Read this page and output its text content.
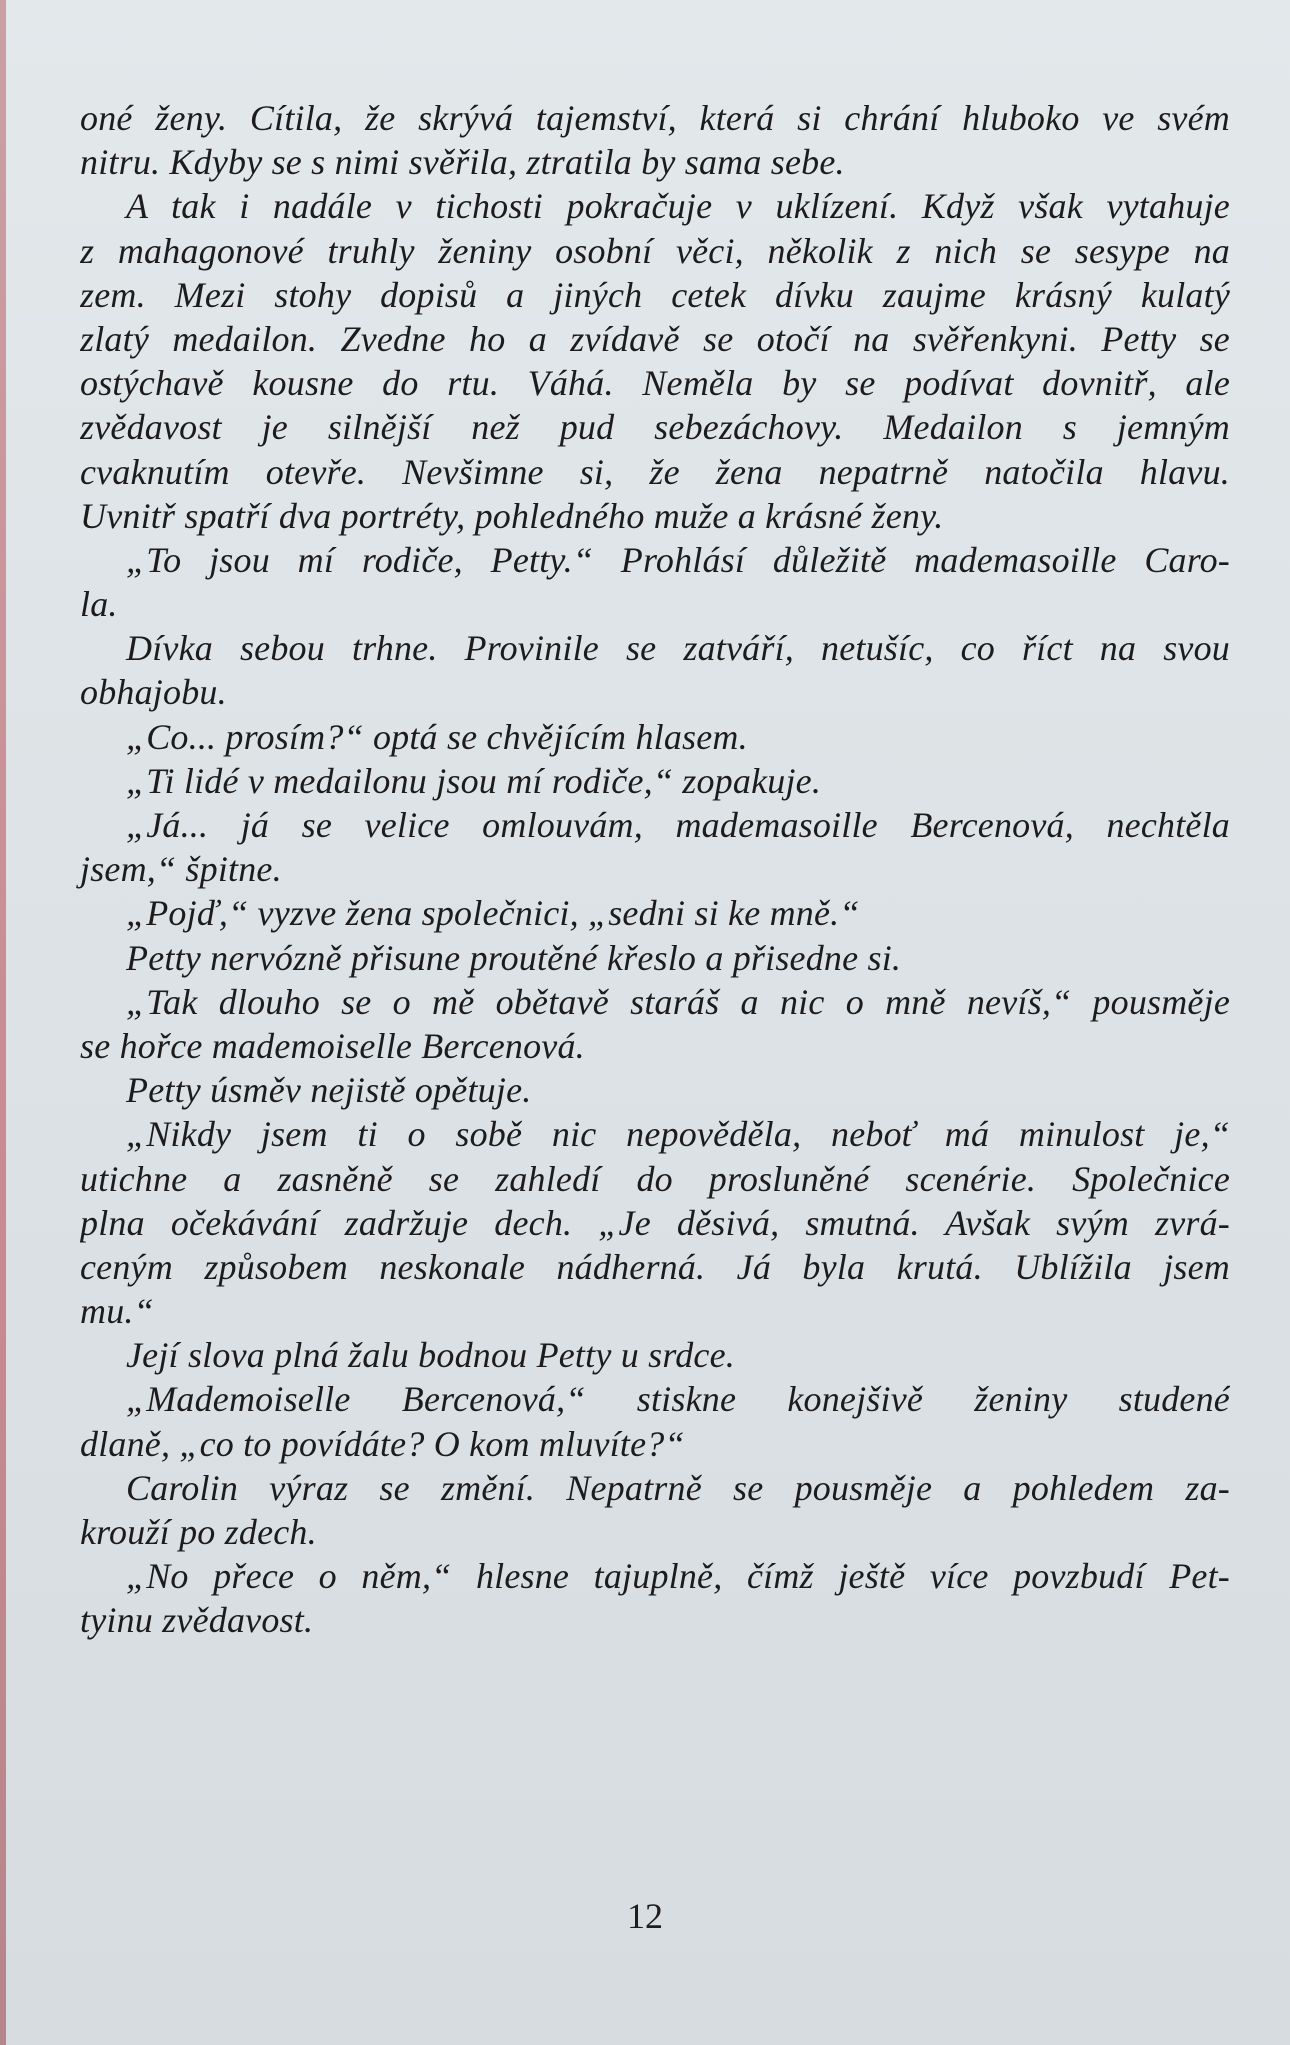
oné ženy. Cítila, že skrývá tajemství, která si chrání hluboko ve svém
nitru. Kdyby se s nimi svěřila, ztratila by sama sebe.
A tak i nadále v tichosti pokračuje v uklízení. Když však vytahuje
z mahagonové truhly ženiny osobní věci, několik z nich se sesype na
zem. Mezi stohy dopisů a jiných cetek dívku zaujme krásný kulatý
zlatý medailon. Zvedne ho a zvídavě se otočí na svěřenkyni. Petty se
ostýchavě kousne do rtu. Váhá. Neměla by se podívat dovnitř, ale
zvědavost je silnější než pud sebezáchovy. Medailon s jemným
cvaknutím otevře. Nevšimne si, že žena nepatrně natočila hlavu.
Uvnitř spatří dva portréty, pohledného muže a krásné ženy.
„To jsou mí rodiče, Petty.“ Prohlásí důležitě mademasoille Caro-
la.
Dívka sebou trhne. Provinile se zatváří, netušíc, co říct na svou
obhajobu.
„Co... prosím?“ optá se chvějícím hlasem.
„Ti lidé v medailonu jsou mí rodiče,“ zopakuje.
„Já... já se velice omlouvám, mademasoille Bercenová, nechtěla
jsem,“ špitne.
„Pojď,“ vyzve žena společnici, „sedni si ke mně.“
Petty nervózně přisune proutěné křeslo a přisedne si.
„Tak dlouho se o mě obětavě staráš a nic o mně nevíš,“ pousměje
se hořce mademoiselle Bercenová.
Petty úsměv nejistě opětuje.
„Nikdy jsem ti o sobě nic nepověděla, neboť má minulost je,“
utichne a zasněně se zahledí do prosluněné scenérie. Společnice
plna očekávání zadržuje dech. „Je děsivá, smutná. Avšak svým zvrá-
ceným způsobem neskonale nádherná. Já byla krutá. Ublížila jsem
mu.“
Její slova plná žalu bodnou Petty u srdce.
„Mademoiselle Bercenová,“ stiskne konejšivě ženiny studené
dlaně, „co to povídáte? O kom mluvíte?“
Carolin výraz se změní. Nepatrně se pousměje a pohledem za-
krouží po zdech.
„No přece o něm,“ hlesne tajuplně, čímž ještě více povzbudí Pet-
tyinu zvědavost.
12
